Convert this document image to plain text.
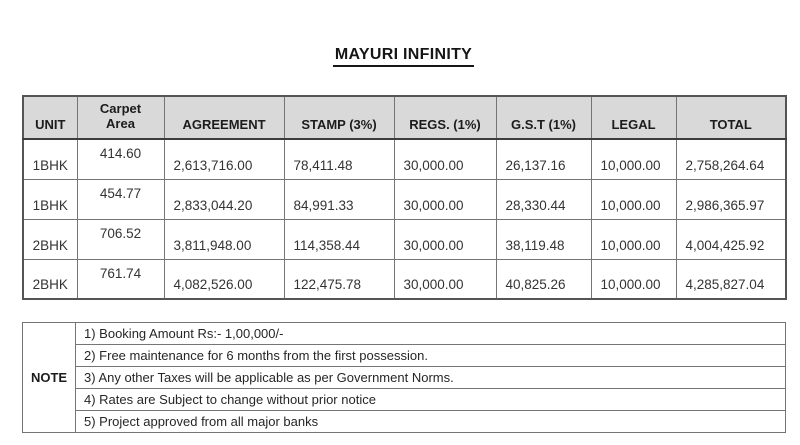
MAYURI INFINITY
UNIT	Carpet Area	AGREEMENT	STAMP (3%)	REGS. (1%)	G.S.T (1%)	LEGAL	TOTAL
1BHK	414.60	2,613,716.00	78,411.48	30,000.00	26,137.16	10,000.00	2,758,264.64
1BHK	454.77	2,833,044.20	84,991.33	30,000.00	28,330.44	10,000.00	2,986,365.97
2BHK	706.52	3,811,948.00	114,358.44	30,000.00	38,119.48	10,000.00	4,004,425.92
2BHK	761.74	4,082,526.00	122,475.78	30,000.00	40,825.26	10,000.00	4,285,827.04
NOTE	1) Booking Amount Rs:- 1,00,000/-
2) Free maintenance for 6 months from the first possession.
3) Any other Taxes will be applicable as per Government Norms.
4) Rates are Subject to change without prior notice
5) Project approved from all major banks
